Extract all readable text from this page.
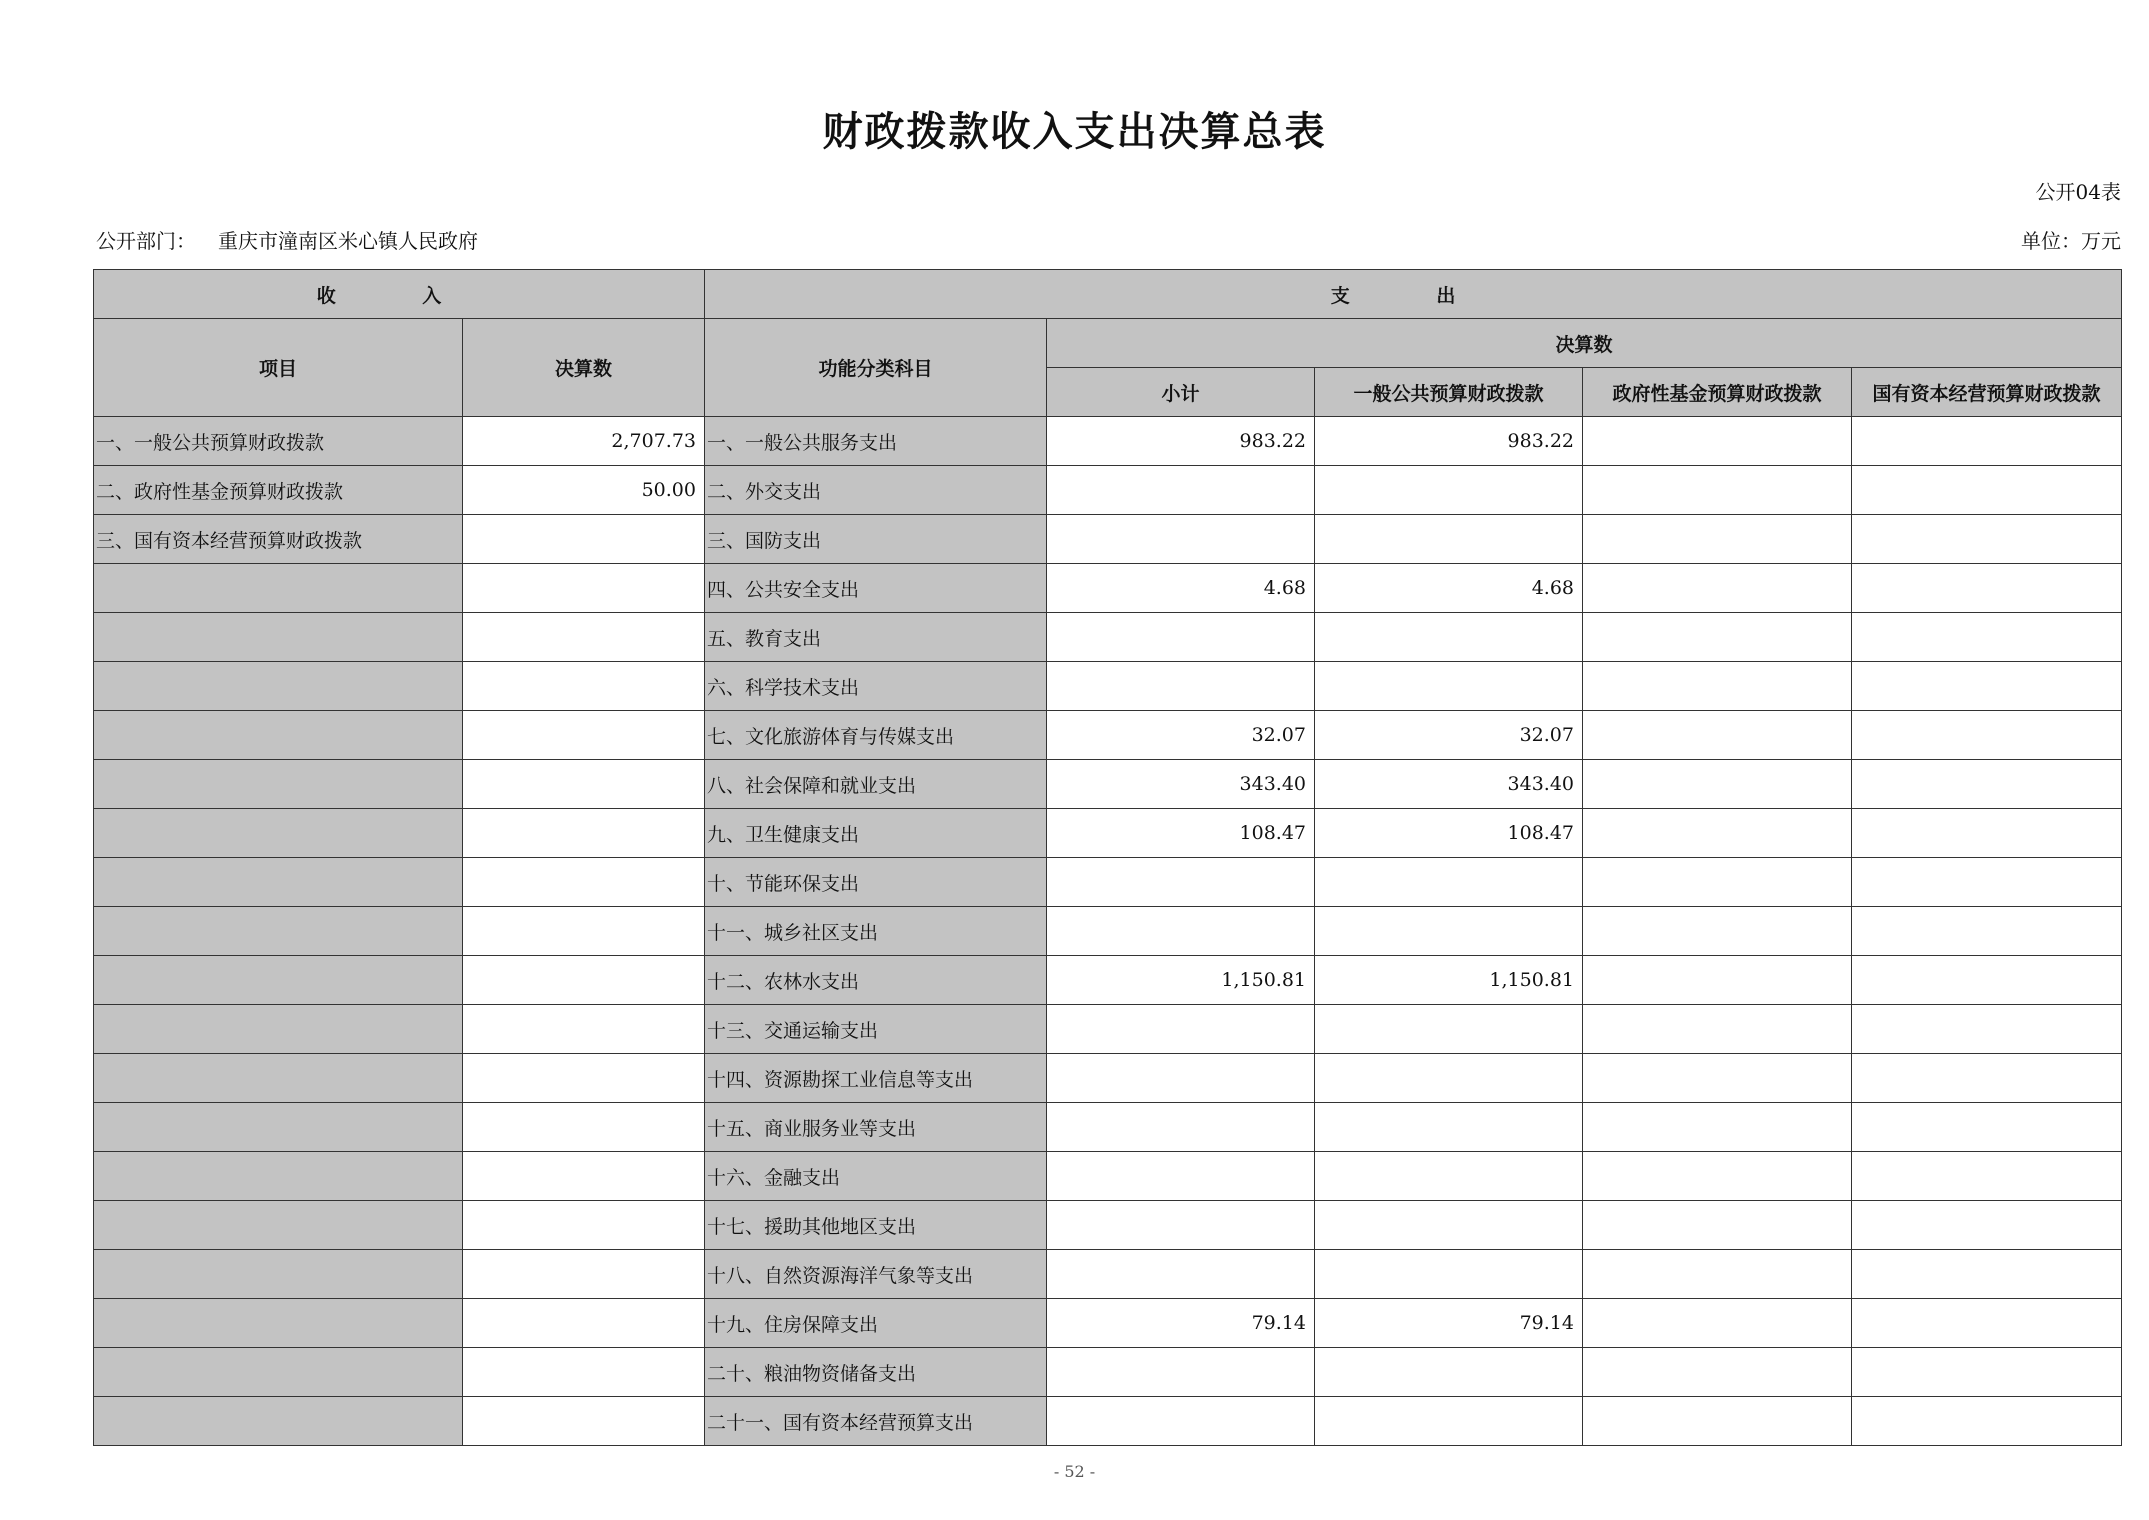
财政拨款收入支出决算总表
公开04表
公开部门： 重庆市潼南区米心镇人民政府	单位：万元
收 入		支 出				
项目	决算数	功能分类科目	决算数			
			小计	一般公共预算财政拨款	政府性基金预算财政拨款	国有资本经营预算财政拨款
一、一般公共预算财政拨款	2,707.73	一、一般公共服务支出	983.22	983.22		
二、政府性基金预算财政拨款	50.00	二、外交支出				
三、国有资本经营预算财政拨款		三、国防支出				
		四、公共安全支出	4.68	4.68		
		五、教育支出				
		六、科学技术支出				
		七、文化旅游体育与传媒支出	32.07	32.07		
		八、社会保障和就业支出	343.40	343.40		
		九、卫生健康支出	108.47	108.47		
		十、节能环保支出				
		十一、城乡社区支出				
		十二、农林水支出	1,150.81	1,150.81		
		十三、交通运输支出				
		十四、资源勘探工业信息等支出				
		十五、商业服务业等支出				
		十六、金融支出				
		十七、援助其他地区支出				
		十八、自然资源海洋气象等支出				
		十九、住房保障支出	79.14	79.14		
		二十、粮油物资储备支出				
		二十一、国有资本经营预算支出				
- 52 -
